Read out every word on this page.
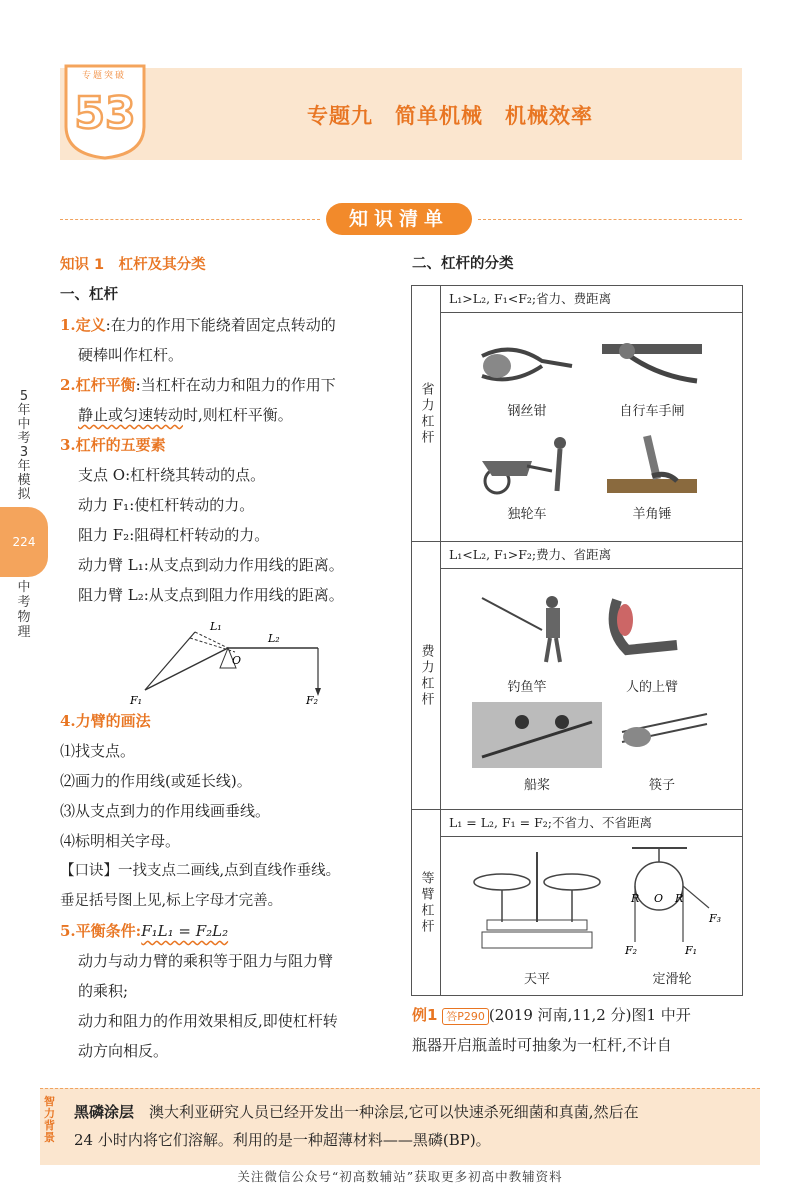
53
专题突破
专题九　简单机械　机械效率
知识清单
5年中考3年模拟
224
中考物理

知识 1　杠杆及其分类

一、杠杆

1.定义:在力的作用下能绕着固定点转动的

硬棒叫作杠杆。

2.杠杆平衡:当杠杆在动力和阻力的作用下

静止或匀速转动时,则杠杆平衡。

3.杠杆的五要素

支点 O:杠杆绕其转动的点。

动力 F₁:使杠杆转动的力。

阻力 F₂:阻碍杠杆转动的力。

动力臂 L₁:从支点到动力作用线的距离。

阻力臂 L₂:从支点到阻力作用线的距离。

L₁
L₂
O
F₁	F₂

4.力臂的画法

⑴找支点。

⑵画力的作用线(或延长线)。

⑶从支点到力的作用线画垂线。

⑷标明相关字母。

【口诀】一找支点二画线,点到直线作垂线。

垂足括号图上见,标上字母才完善。

5.平衡条件:F₁L₁ = F₂L₂

动力与动力臂的乘积等于阻力与阻力臂

的乘积;

动力和阻力的作用效果相反,即使杠杆转

动方向相反。

二、杠杆的分类
省力杠杆
L₁>L₂, F₁<F₂;省力、费距离
钢丝钳	自行车手闸
独轮车	羊角锤
费力杠杆
L₁<L₂, F₁>F₂;费力、省距离
钓鱼竿	人的上臂
船桨	筷子
等臂杠杆
L₁ = L₂, F₁ = F₂;不省力、不省距离
天平
R O R
F₂	F₁
F₃
定滑轮
例1 答P290 (2019 河南,11,2 分)图1 中开
瓶器开启瓶盖时可抽象为一杠杆,不计自
智力背景
黑磷涂层　 澳大利亚研究人员已经开发出一种涂层,它可以快速杀死细菌和真菌,然后在
24 小时内将它们溶解。利用的是一种超薄材料——黑磷(BP)。
关注微信公众号“初高数辅站”获取更多初高中教辅资料
